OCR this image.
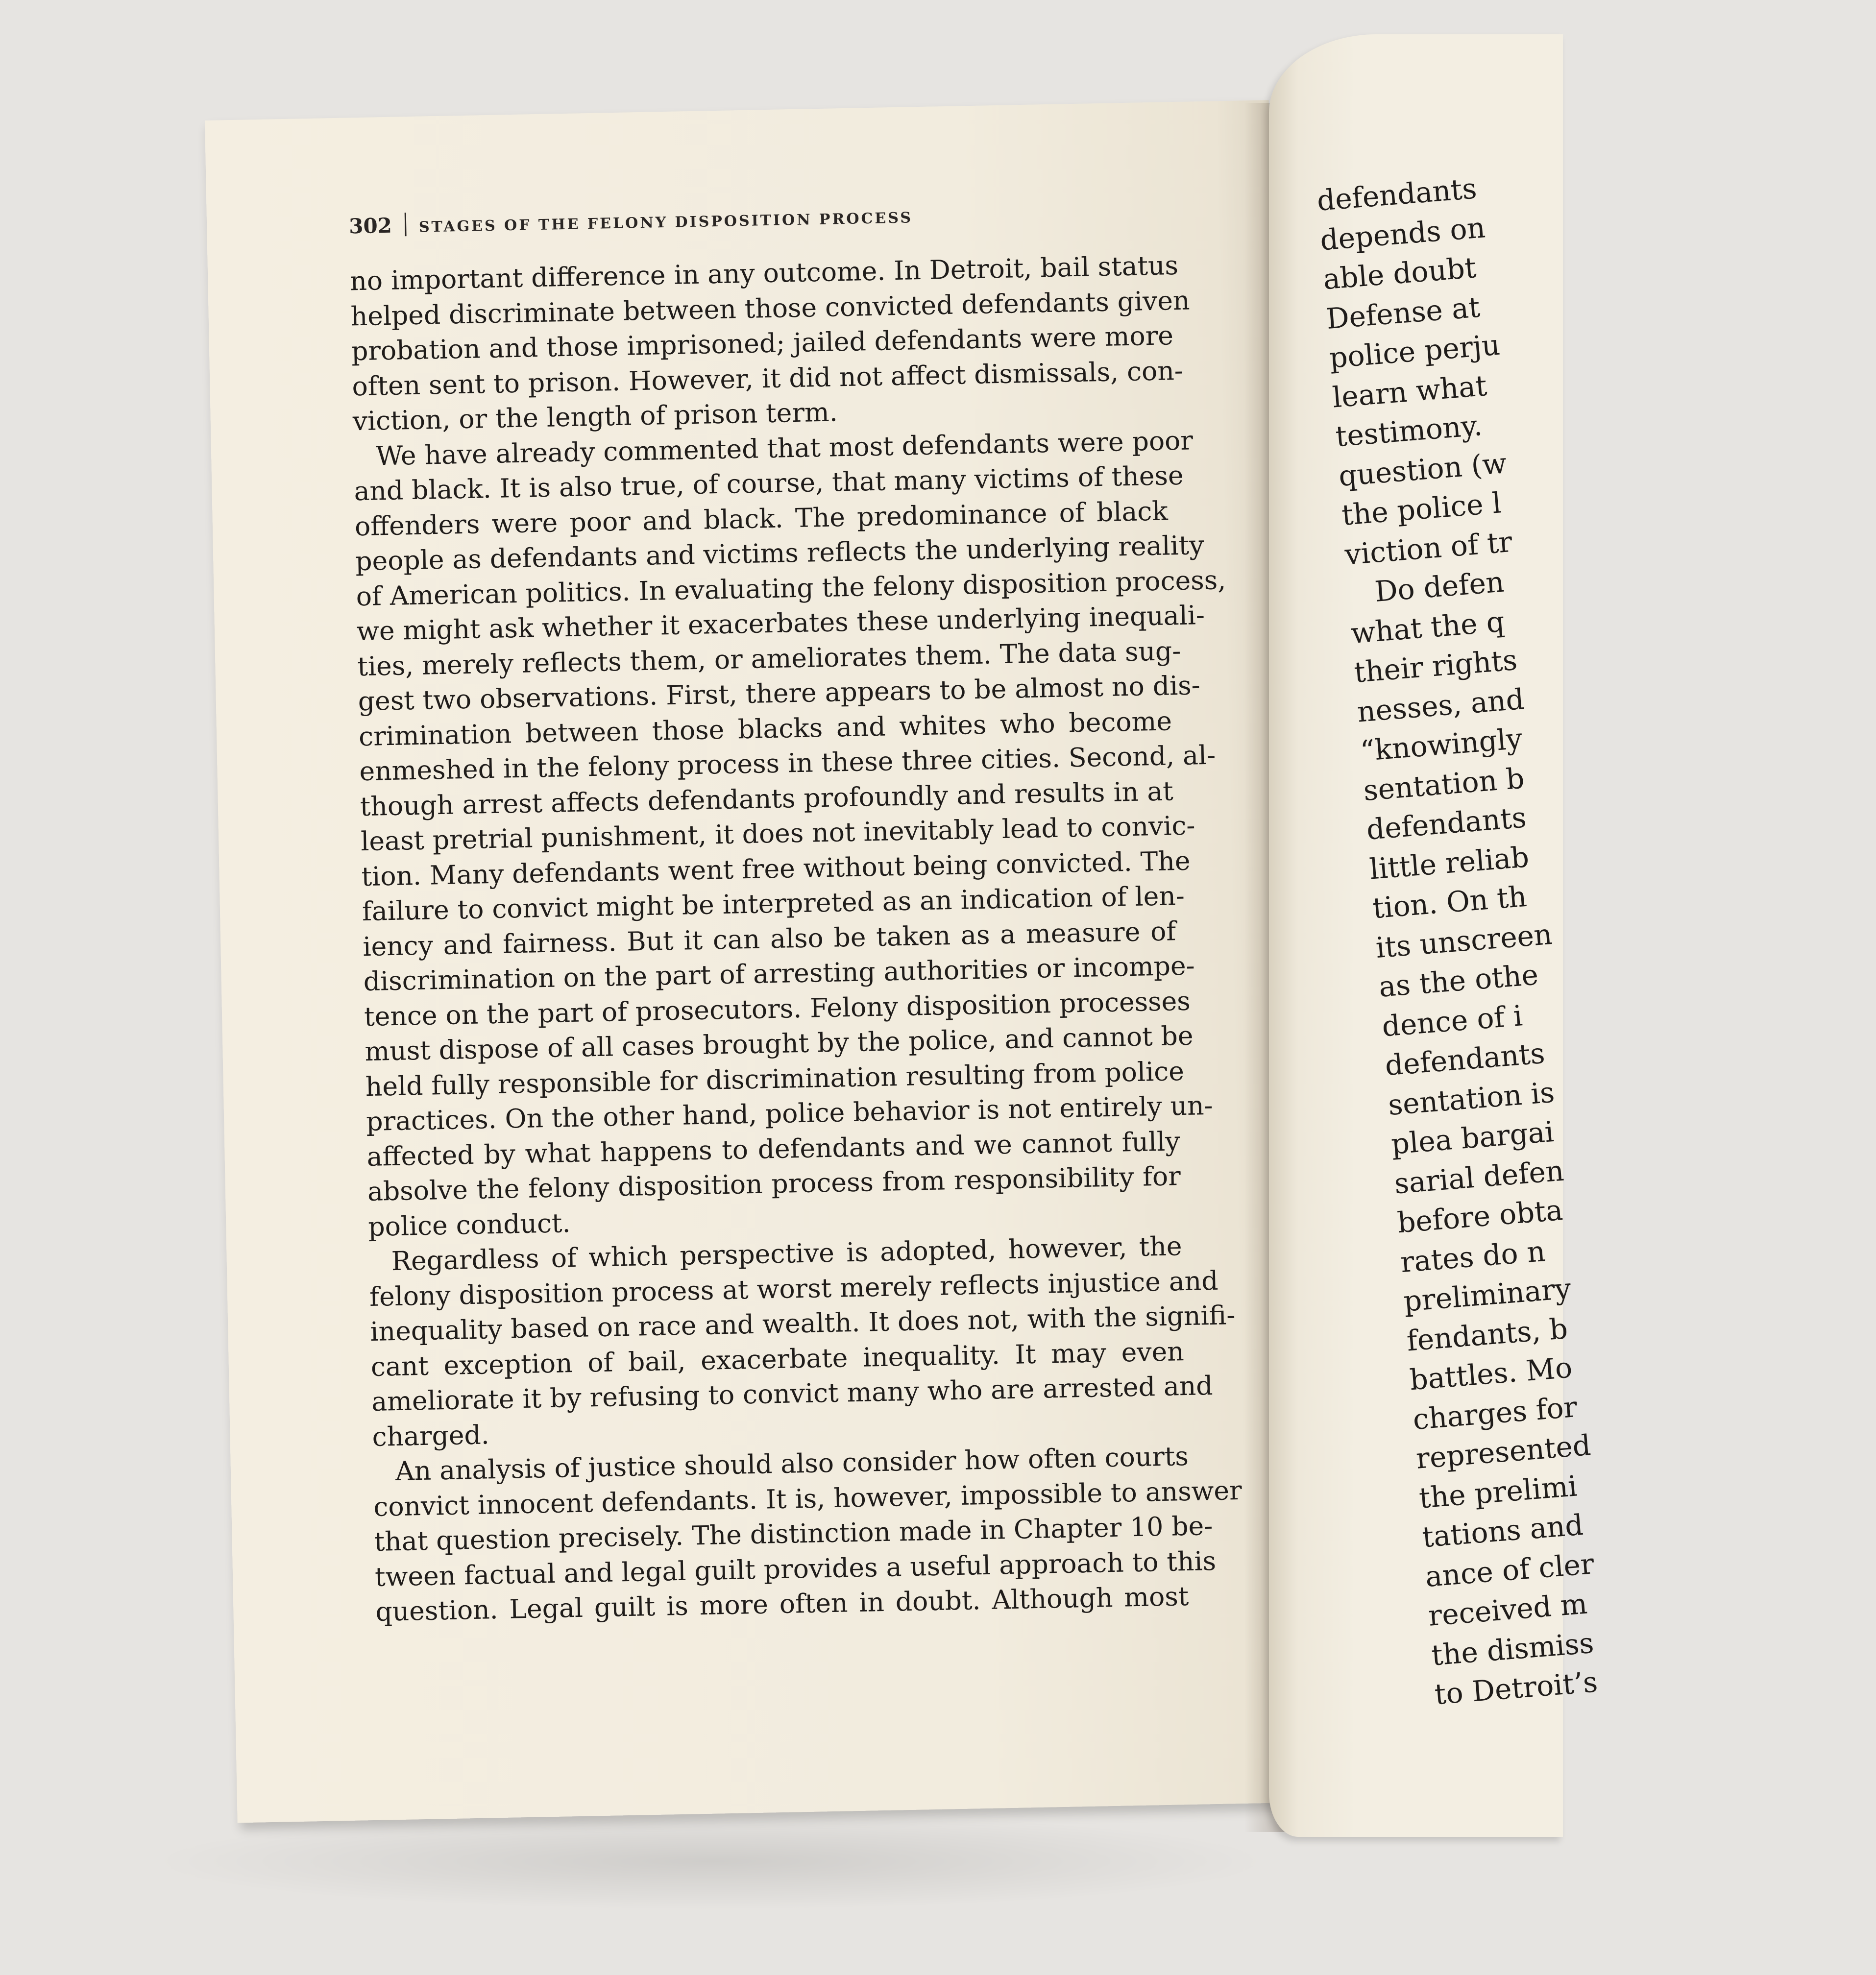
302 STAGES OF THE FELONY DISPOSITION PROCESS
no important difference in any outcome. In Detroit, bail status
helped discriminate between those convicted defendants given
probation and those imprisoned; jailed defendants were more
often sent to prison. However, it did not affect dismissals, con-
viction, or the length of prison term.
We have already commented that most defendants were poor
and black. It is also true, of course, that many victims of these
offenders were poor and black. The predominance of black
people as defendants and victims reflects the underlying reality
of American politics. In evaluating the felony disposition process,
we might ask whether it exacerbates these underlying inequali-
ties, merely reflects them, or ameliorates them. The data sug-
gest two observations. First, there appears to be almost no dis-
crimination between those blacks and whites who become
enmeshed in the felony process in these three cities. Second, al-
though arrest affects defendants profoundly and results in at
least pretrial punishment, it does not inevitably lead to convic-
tion. Many defendants went free without being convicted. The
failure to convict might be interpreted as an indication of len-
iency and fairness. But it can also be taken as a measure of
discrimination on the part of arresting authorities or incompe-
tence on the part of prosecutors. Felony disposition processes
must dispose of all cases brought by the police, and cannot be
held fully responsible for discrimination resulting from police
practices. On the other hand, police behavior is not entirely un-
affected by what happens to defendants and we cannot fully
absolve the felony disposition process from responsibility for
police conduct.
Regardless of which perspective is adopted, however, the
felony disposition process at worst merely reflects injustice and
inequality based on race and wealth. It does not, with the signifi-
cant exception of bail, exacerbate inequality. It may even
ameliorate it by refusing to convict many who are arrested and
charged.
An analysis of justice should also consider how often courts
convict innocent defendants. It is, however, impossible to answer
that question precisely. The distinction made in Chapter 10 be-
tween factual and legal guilt provides a useful approach to this
question. Legal guilt is more often in doubt. Although most
defendants
depends on
able doubt
Defense at
police perju
learn what
testimony.
question (w
the police l
viction of tr
Do defen
what the q
their rights
nesses, and
“knowingly
sentation b
defendants
little reliab
tion. On th
its unscreen
as the othe
dence of i
defendants
sentation is
plea bargai
sarial defen
before obta
rates do n
preliminary
fendants, b
battles. Mo
charges for
represented
the prelimi
tations and
ance of cler
received m
the dismiss
to Detroit’s
